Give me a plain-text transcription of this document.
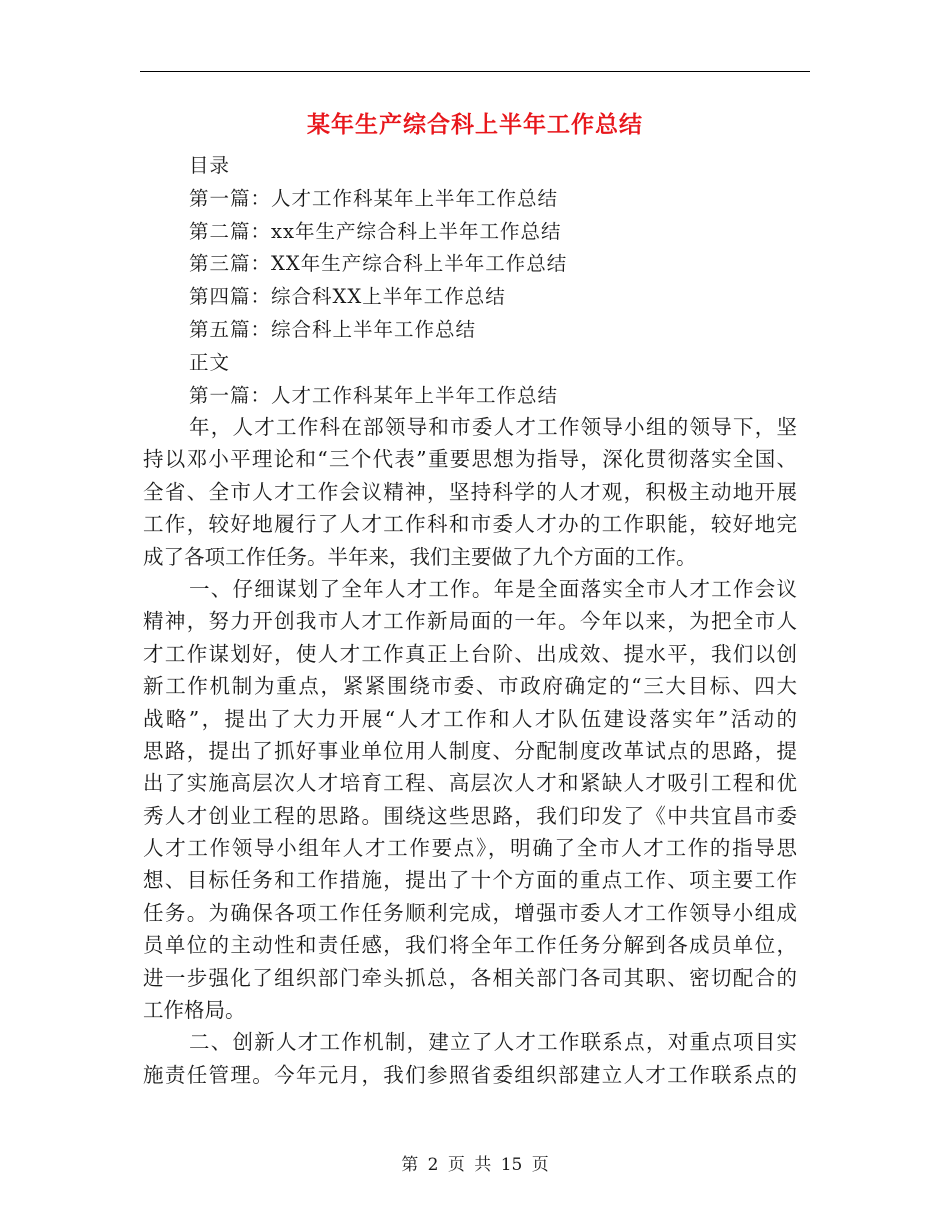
某年生产综合科上半年工作总结
目录
第一篇：人才工作科某年上半年工作总结
第二篇：xx年生产综合科上半年工作总结
第三篇：XX年生产综合科上半年工作总结
第四篇：综合科XX上半年工作总结
第五篇：综合科上半年工作总结
正文
第一篇：人才工作科某年上半年工作总结
年，人才工作科在部领导和市委人才工作领导小组的领导下，坚
持以邓小平理论和“三个代表”重要思想为指导，深化贯彻落实全国、
全省、全市人才工作会议精神，坚持科学的人才观，积极主动地开展
工作，较好地履行了人才工作科和市委人才办的工作职能，较好地完
成了各项工作任务。半年来，我们主要做了九个方面的工作。
一、仔细谋划了全年人才工作。年是全面落实全市人才工作会议
精神，努力开创我市人才工作新局面的一年。今年以来，为把全市人
才工作谋划好，使人才工作真正上台阶、出成效、提水平，我们以创
新工作机制为重点，紧紧围绕市委、市政府确定的“三大目标、四大
战略”，提出了大力开展“人才工作和人才队伍建设落实年”活动的
思路，提出了抓好事业单位用人制度、分配制度改革试点的思路，提
出了实施高层次人才培育工程、高层次人才和紧缺人才吸引工程和优
秀人才创业工程的思路。围绕这些思路，我们印发了《中共宜昌市委
人才工作领导小组年人才工作要点》，明确了全市人才工作的指导思
想、目标任务和工作措施，提出了十个方面的重点工作、项主要工作
任务。为确保各项工作任务顺利完成，增强市委人才工作领导小组成
员单位的主动性和责任感，我们将全年工作任务分解到各成员单位，
进一步强化了组织部门牵头抓总，各相关部门各司其职、密切配合的
工作格局。
二、创新人才工作机制，建立了人才工作联系点，对重点项目实
施责任管理。今年元月，我们参照省委组织部建立人才工作联系点的
第 2 页 共 15 页
